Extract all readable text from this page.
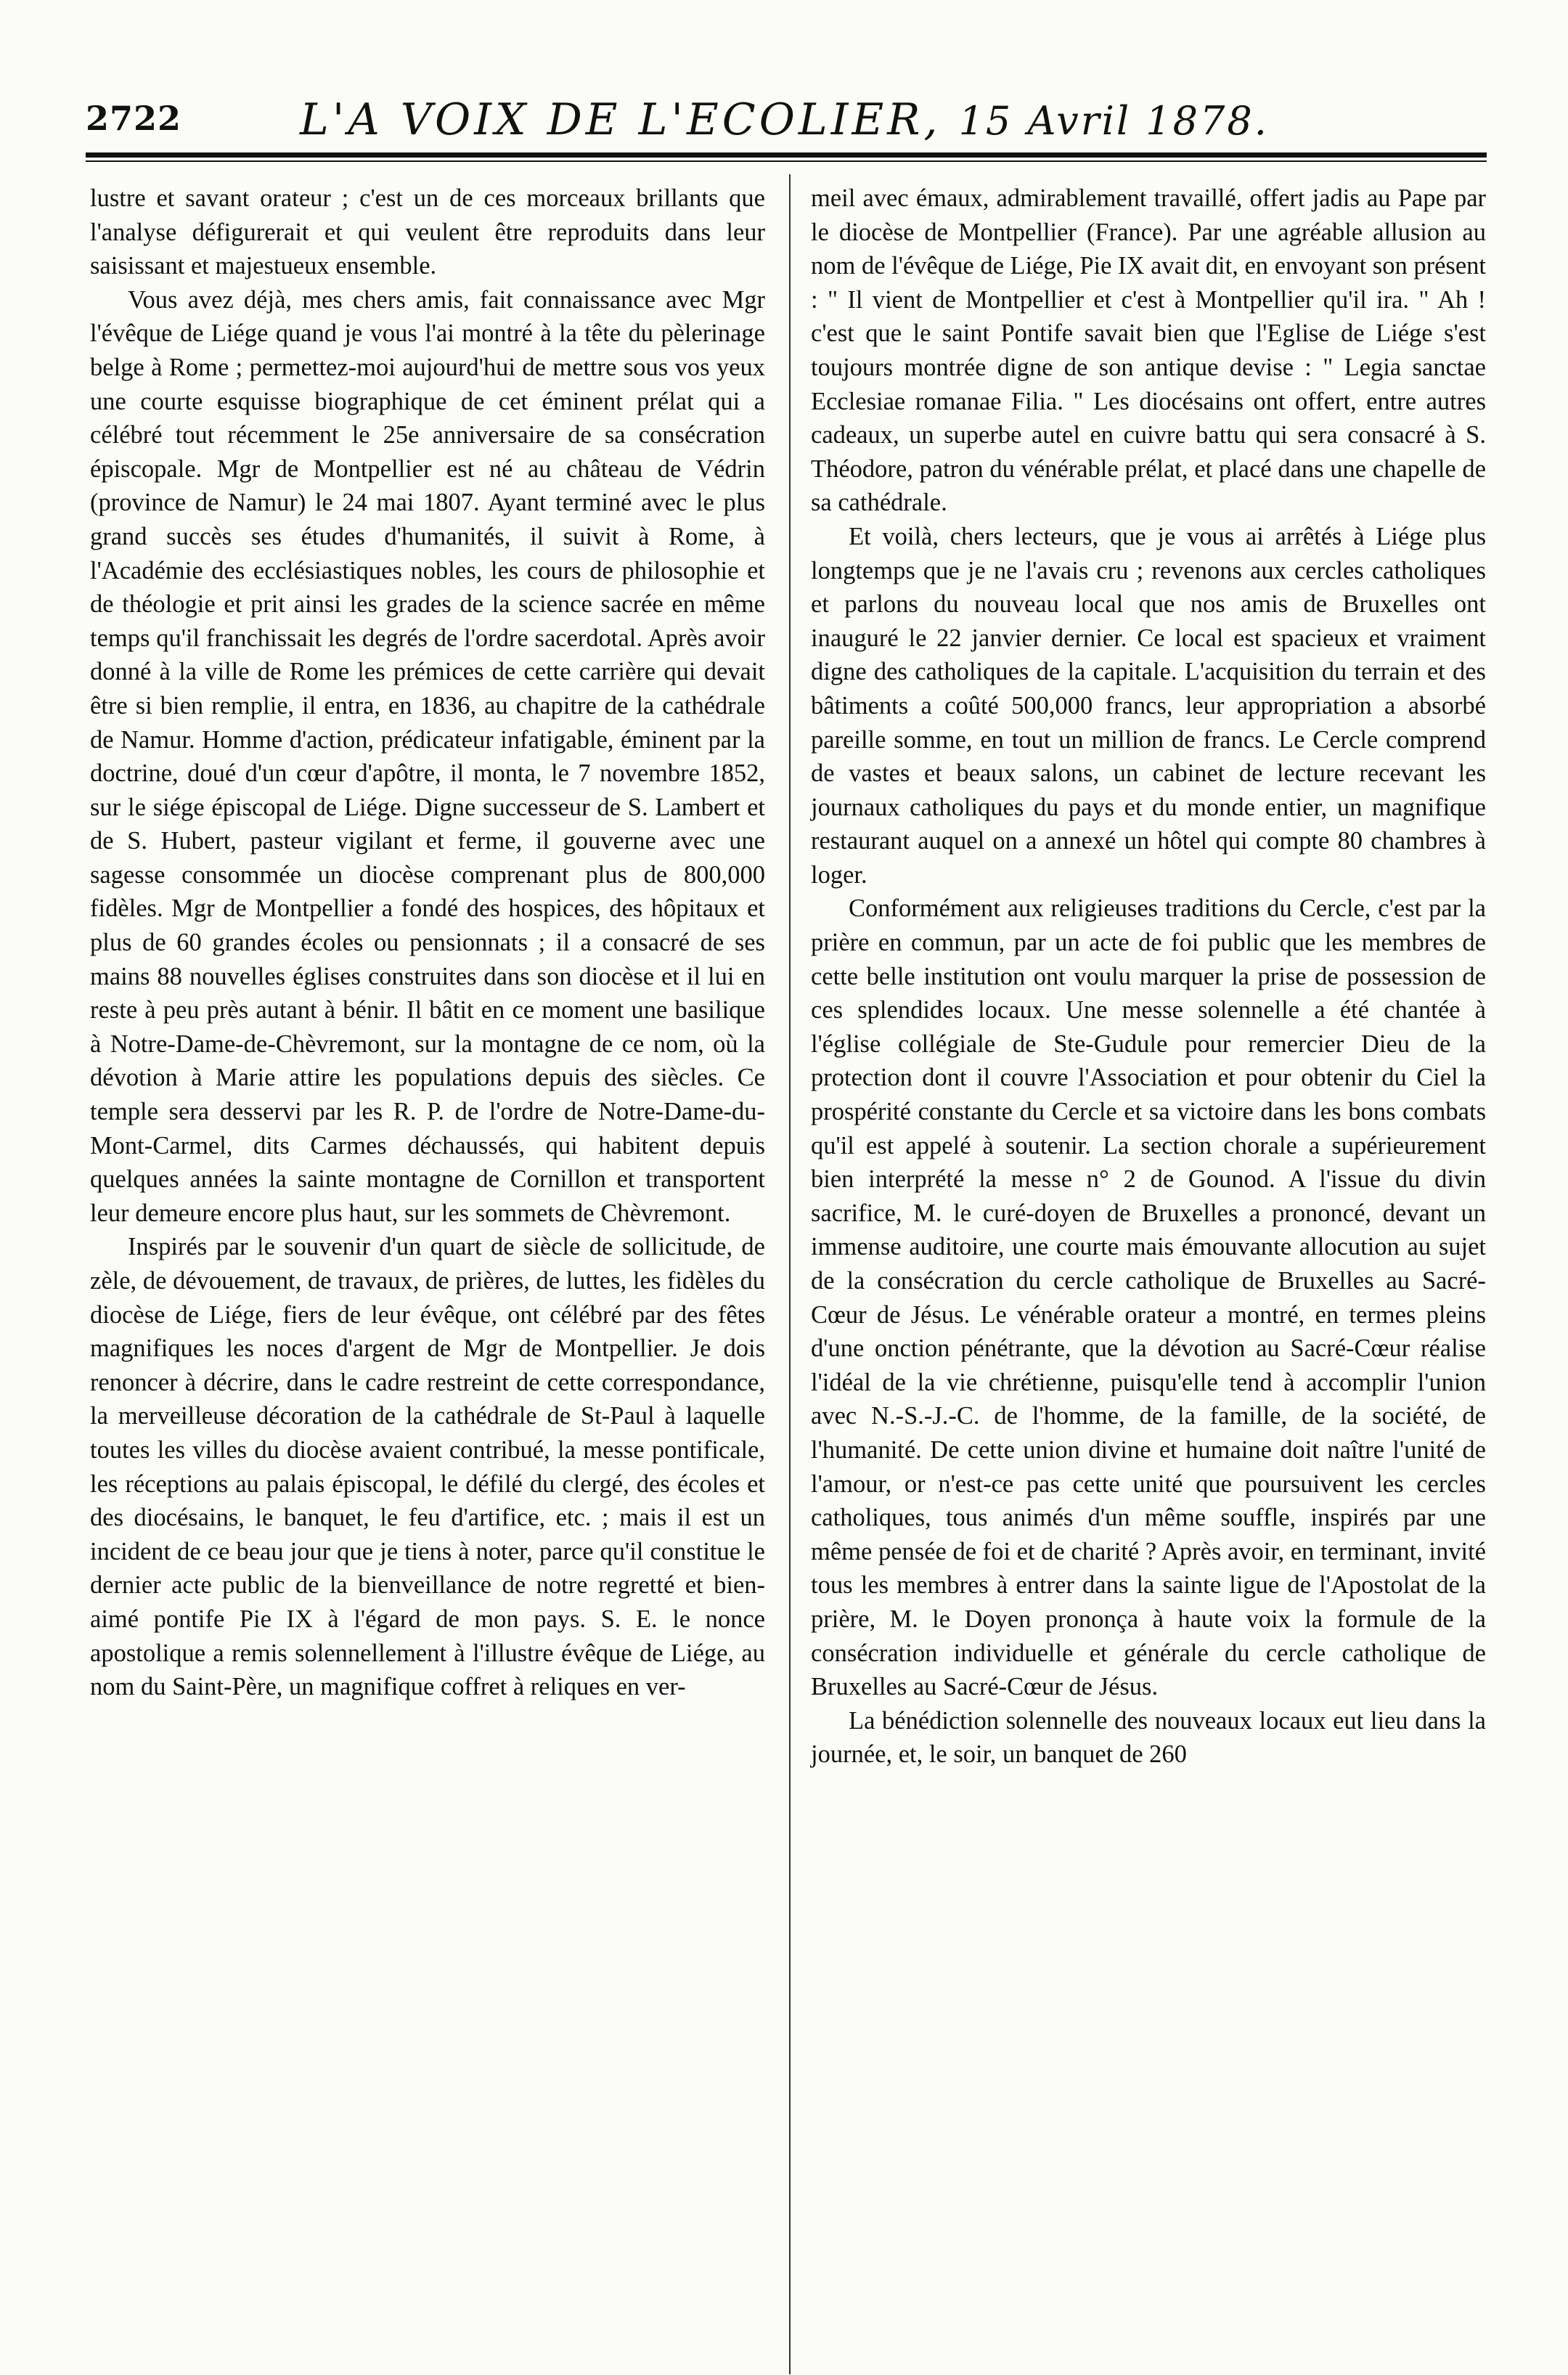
2722	L'A VOIX DE L'ECOLIER, 15 Avril 1878.

lustre et savant orateur ; c'est un de ces morceaux brillants que l'analyse défigurerait et qui veulent être reproduits dans leur saisissant et majestueux ensemble.

Vous avez déjà, mes chers amis, fait connaissance avec Mgr l'évêque de Liége quand je vous l'ai montré à la tête du pèlerinage belge à Rome ; permettez-moi aujourd'hui de mettre sous vos yeux une courte esquisse biographique de cet éminent prélat qui a célébré tout récemment le 25e anniversaire de sa consécration épiscopale. Mgr de Montpellier est né au château de Védrin (province de Namur) le 24 mai 1807. Ayant terminé avec le plus grand succès ses études d'humanités, il suivit à Rome, à l'Académie des ecclésiastiques nobles, les cours de philosophie et de théologie et prit ainsi les grades de la science sacrée en même temps qu'il franchissait les degrés de l'ordre sacerdotal. Après avoir donné à la ville de Rome les prémices de cette carrière qui devait être si bien remplie, il entra, en 1836, au chapitre de la cathédrale de Namur. Homme d'action, prédicateur infatigable, éminent par la doctrine, doué d'un cœur d'apôtre, il monta, le 7 novembre 1852, sur le siége épiscopal de Liége. Digne successeur de S. Lambert et de S. Hubert, pasteur vigilant et ferme, il gouverne avec une sagesse consommée un diocèse comprenant plus de 800,000 fidèles. Mgr de Montpellier a fondé des hospices, des hôpitaux et plus de 60 grandes écoles ou pensionnats ; il a consacré de ses mains 88 nouvelles églises construites dans son diocèse et il lui en reste à peu près autant à bénir. Il bâtit en ce moment une basilique à Notre-Dame-de-Chèvremont, sur la montagne de ce nom, où la dévotion à Marie attire les populations depuis des siècles. Ce temple sera desservi par les R. P. de l'ordre de Notre-Dame-du-Mont-Carmel, dits Carmes déchaussés, qui habitent depuis quelques années la sainte montagne de Cornillon et transportent leur demeure encore plus haut, sur les sommets de Chèvremont.

Inspirés par le souvenir d'un quart de siècle de sollicitude, de zèle, de dévouement, de travaux, de prières, de luttes, les fidèles du diocèse de Liége, fiers de leur évêque, ont célébré par des fêtes magnifiques les noces d'argent de Mgr de Montpellier. Je dois renoncer à décrire, dans le cadre restreint de cette correspondance, la merveilleuse décoration de la cathédrale de St-Paul à laquelle toutes les villes du diocèse avaient contribué, la messe pontificale, les réceptions au palais épiscopal, le défilé du clergé, des écoles et des diocésains, le banquet, le feu d'artifice, etc. ; mais il est un incident de ce beau jour que je tiens à noter, parce qu'il constitue le dernier acte public de la bienveillance de notre regretté et bien-aimé pontife Pie IX à l'égard de mon pays. S. E. le nonce apostolique a remis solennellement à l'illustre évêque de Liége, au nom du Saint-Père, un magnifique coffret à reliques en ver-

meil avec émaux, admirablement travaillé, offert jadis au Pape par le diocèse de Montpellier (France). Par une agréable allusion au nom de l'évêque de Liége, Pie IX avait dit, en envoyant son présent : " Il vient de Montpellier et c'est à Montpellier qu'il ira. " Ah ! c'est que le saint Pontife savait bien que l'Eglise de Liége s'est toujours montrée digne de son antique devise : " Legia sanctae Ecclesiae romanae Filia. " Les diocésains ont offert, entre autres cadeaux, un superbe autel en cuivre battu qui sera consacré à S. Théodore, patron du vénérable prélat, et placé dans une chapelle de sa cathédrale.

Et voilà, chers lecteurs, que je vous ai arrêtés à Liége plus longtemps que je ne l'avais cru ; revenons aux cercles catholiques et parlons du nouveau local que nos amis de Bruxelles ont inauguré le 22 janvier dernier. Ce local est spacieux et vraiment digne des catholiques de la capitale. L'acquisition du terrain et des bâtiments a coûté 500,000 francs, leur appropriation a absorbé pareille somme, en tout un million de francs. Le Cercle comprend de vastes et beaux salons, un cabinet de lecture recevant les journaux catholiques du pays et du monde entier, un magnifique restaurant auquel on a annexé un hôtel qui compte 80 chambres à loger.

Conformément aux religieuses traditions du Cercle, c'est par la prière en commun, par un acte de foi public que les membres de cette belle institution ont voulu marquer la prise de possession de ces splendides locaux. Une messe solennelle a été chantée à l'église collégiale de Ste-Gudule pour remercier Dieu de la protection dont il couvre l'Association et pour obtenir du Ciel la prospérité constante du Cercle et sa victoire dans les bons combats qu'il est appelé à soutenir. La section chorale a supérieurement bien interprété la messe n° 2 de Gounod. A l'issue du divin sacrifice, M. le curé-doyen de Bruxelles a prononcé, devant un immense auditoire, une courte mais émouvante allocution au sujet de la consécration du cercle catholique de Bruxelles au Sacré-Cœur de Jésus. Le vénérable orateur a montré, en termes pleins d'une onction pénétrante, que la dévotion au Sacré-Cœur réalise l'idéal de la vie chrétienne, puisqu'elle tend à accomplir l'union avec N.-S.-J.-C. de l'homme, de la famille, de la société, de l'humanité. De cette union divine et humaine doit naître l'unité de l'amour, or n'est-ce pas cette unité que poursuivent les cercles catholiques, tous animés d'un même souffle, inspirés par une même pensée de foi et de charité ? Après avoir, en terminant, invité tous les membres à entrer dans la sainte ligue de l'Apostolat de la prière, M. le Doyen prononça à haute voix la formule de la consécration individuelle et générale du cercle catholique de Bruxelles au Sacré-Cœur de Jésus.

La bénédiction solennelle des nouveaux locaux eut lieu dans la journée, et, le soir, un banquet de 260
